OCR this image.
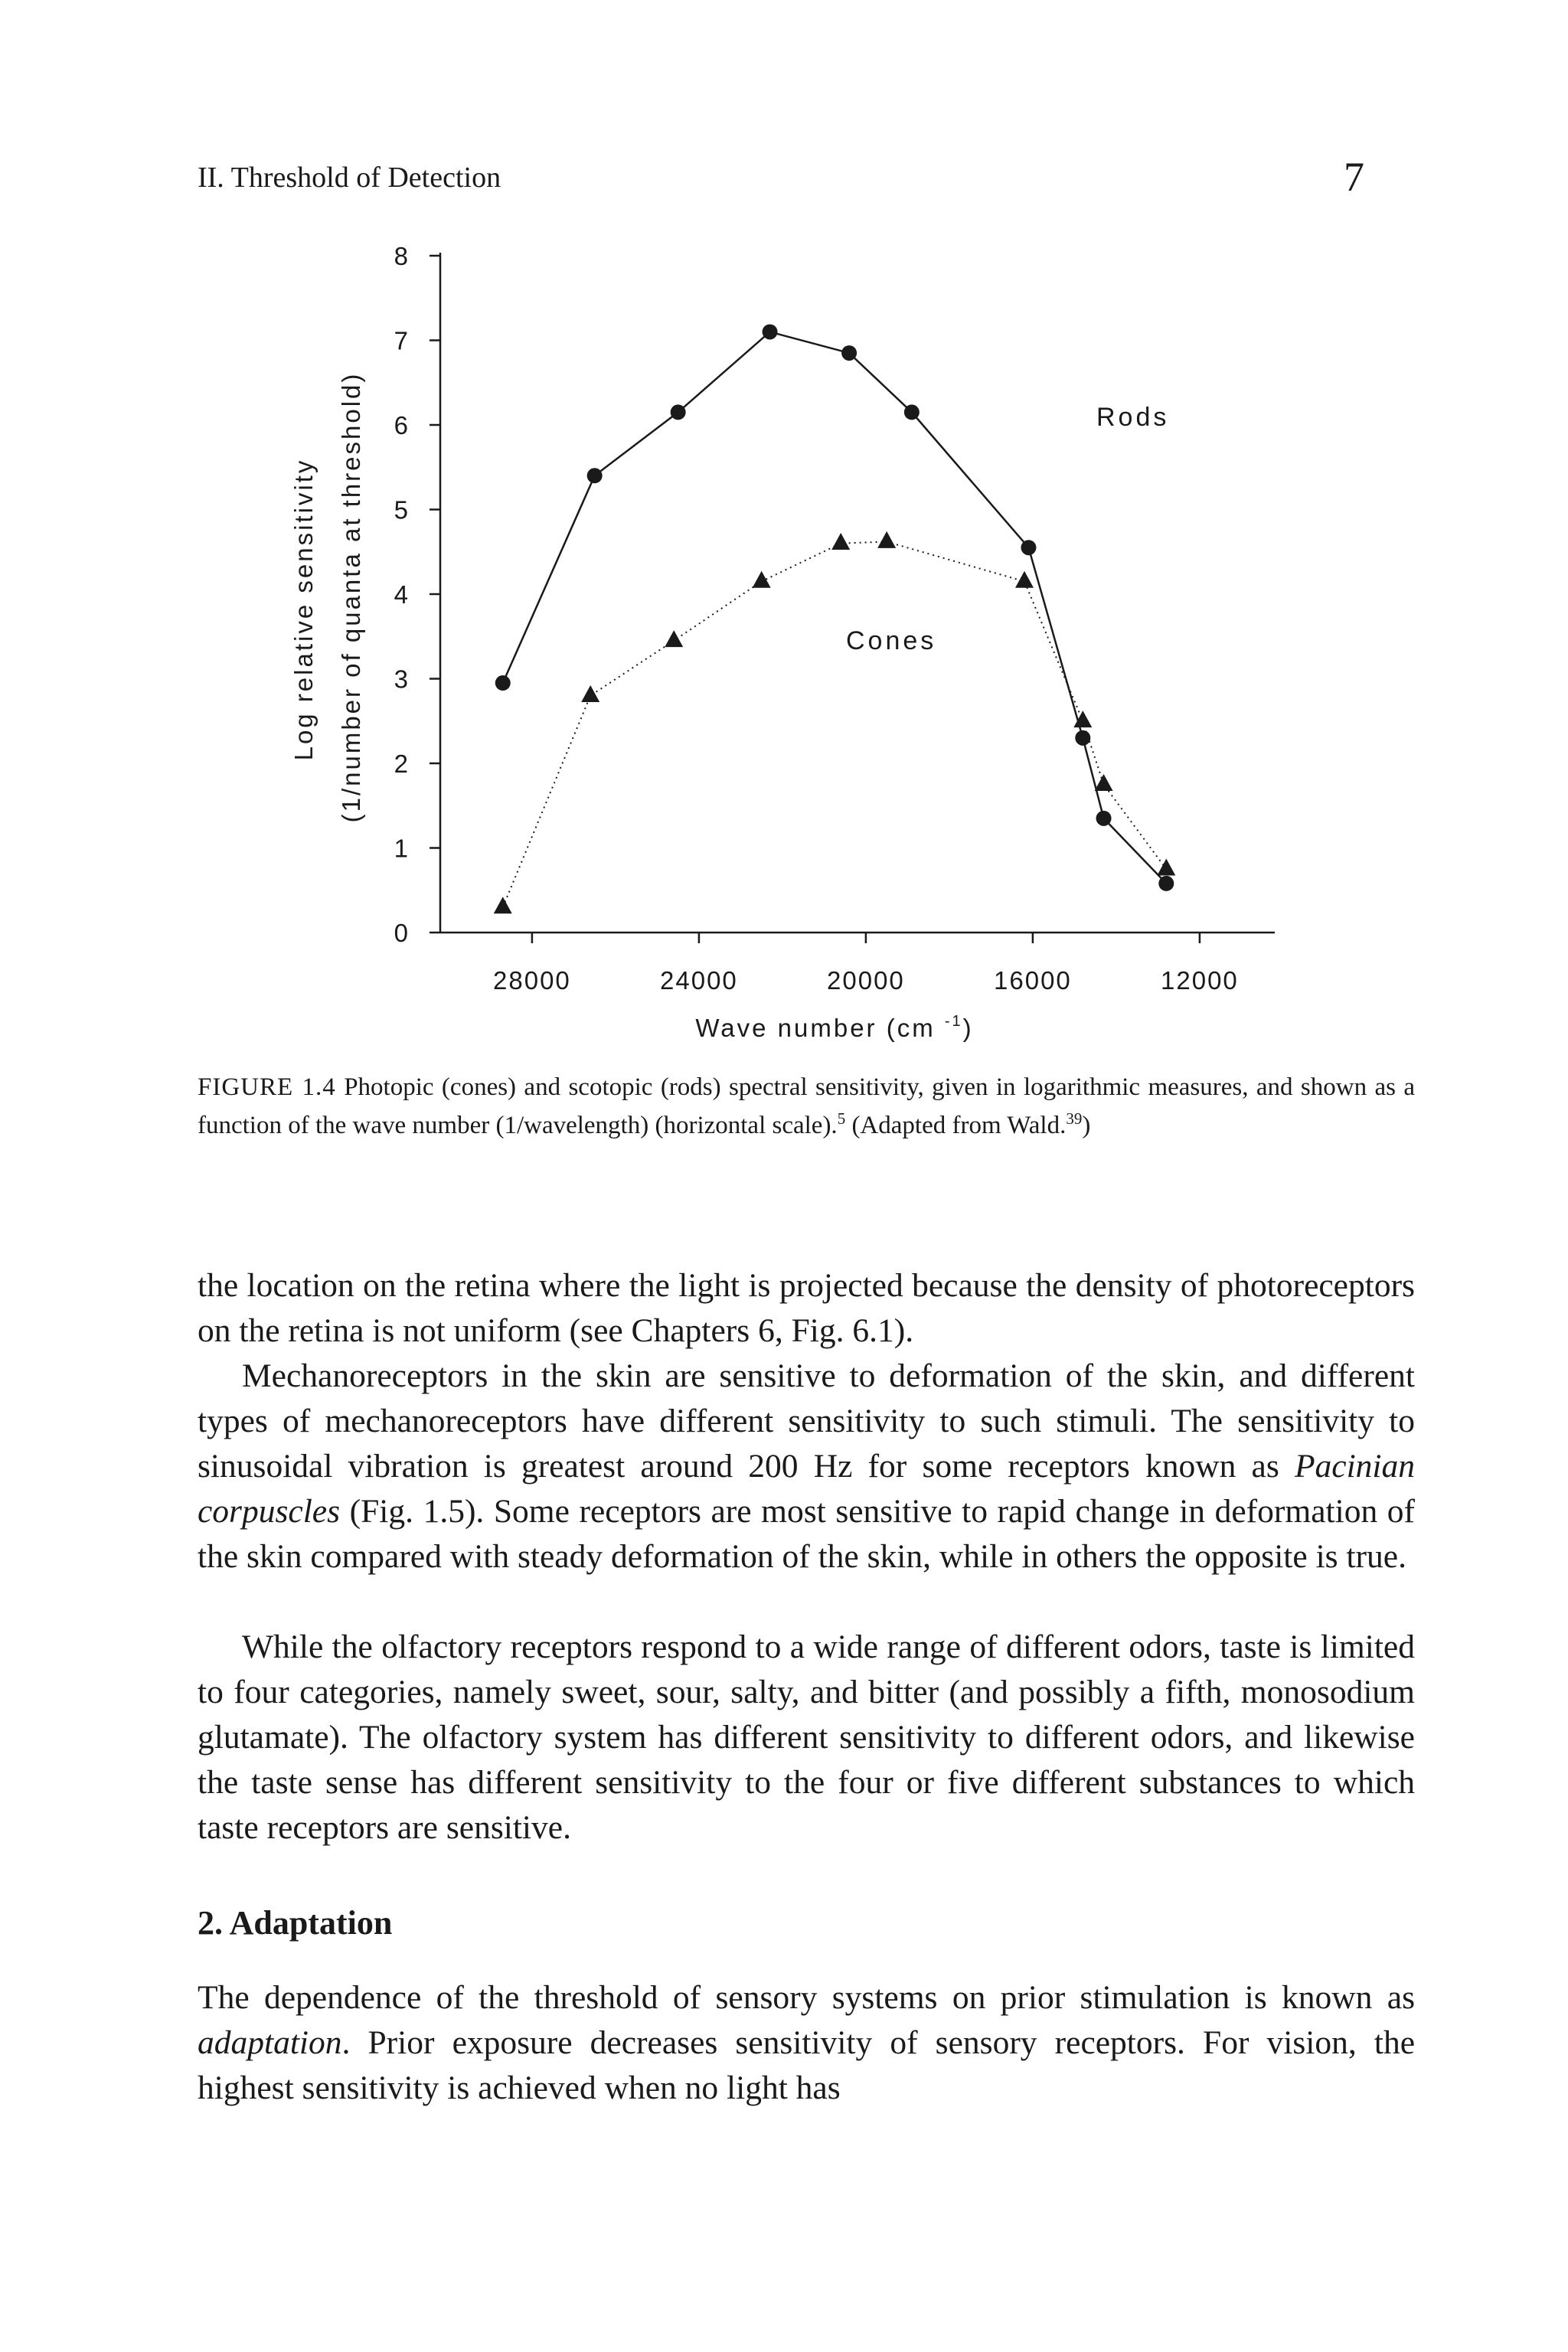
II. Threshold of Detection	7
0
1
2
3
4
5
6
7
8
28000	24000	20000	16000	12000
Wave number (cm $^{-1}$)
Log relative sensitivity (1/number of quanta at threshold)	Rods
Cones
FIGURE 1.4 Photopic (cones) and scotopic (rods) spectral sensitivity, given in logarithmic measures, and shown as a function of the wave number (1/wavelength) (horizontal scale).$^5$ (Adapted from Wald.$^{39}$)

the location on the retina where the light is projected because the density of photoreceptors on the retina is not uniform (see Chapters 6, Fig. 6.1).

Mechanoreceptors in the skin are sensitive to deformation of the skin, and different types of mechanoreceptors have different sensitivity to such stimuli. The sensitivity to sinusoidal vibration is greatest around 200 Hz for some receptors known as Pacinian corpuscles (Fig. 1.5). Some receptors are most sensitive to rapid change in deformation of the skin compared with steady deformation of the skin, while in others the opposite is true.

While the olfactory receptors respond to a wide range of different odors, taste is limited to four categories, namely sweet, sour, salty, and bitter (and possibly a fifth, monosodium glutamate). The olfactory system has different sensitivity to different odors, and likewise the taste sense has different sensitivity to the four or five different substances to which taste receptors are sensitive.

2. Adaptation

The dependence of the threshold of sensory systems on prior stimulation is known as adaptation. Prior exposure decreases sensitivity of sensory receptors. For vision, the highest sensitivity is achieved when no light has
